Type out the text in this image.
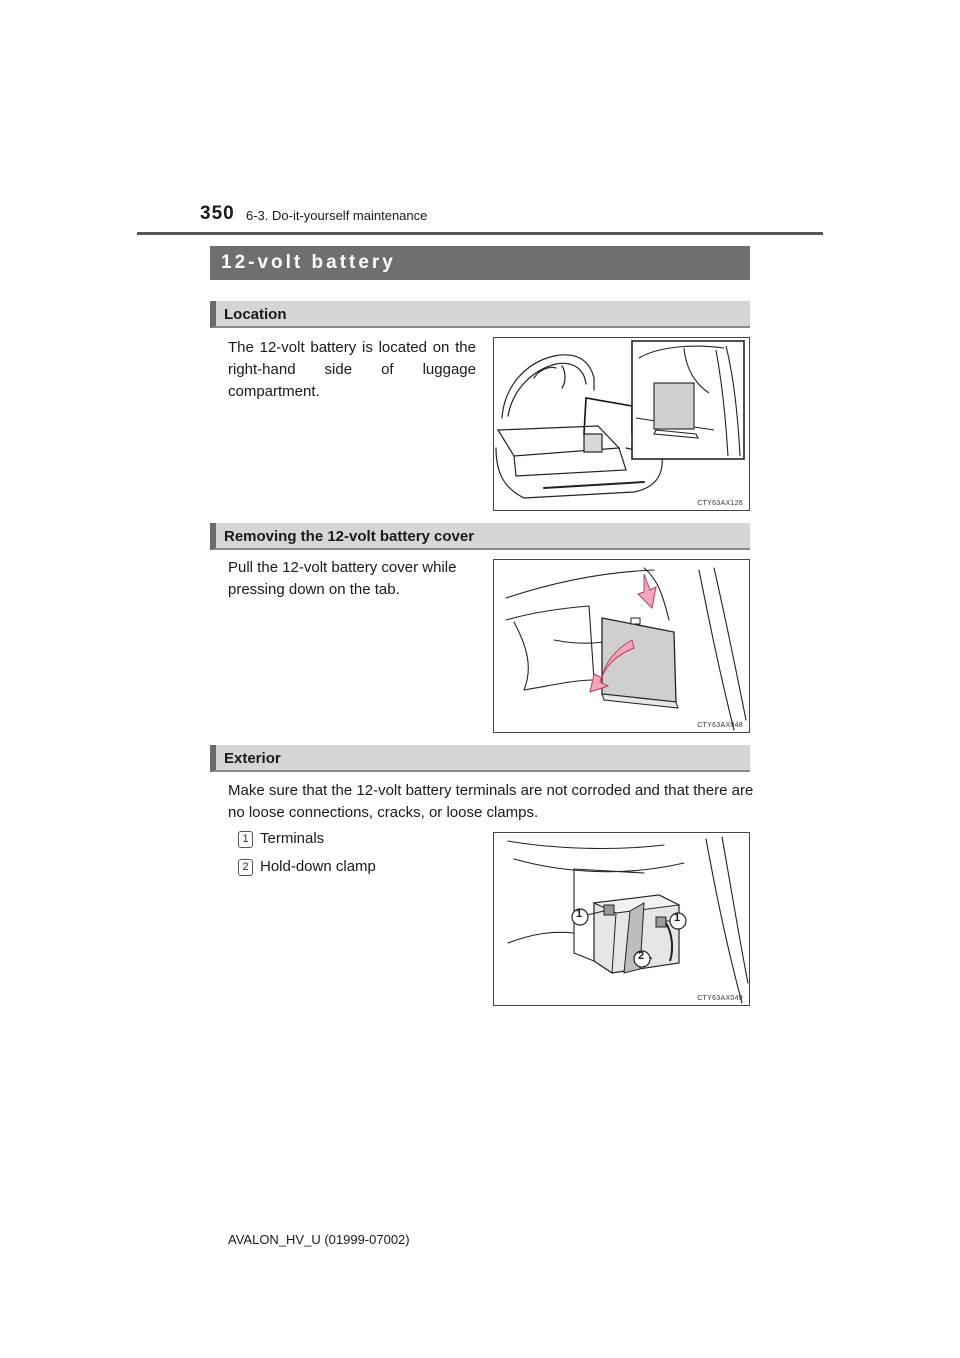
350 6-3. Do-it-yourself maintenance
12-volt battery
Location
The 12-volt battery is located on the right-hand side of luggage compartment.
CTY63AX126
Removing the 12-volt battery cover
Pull the 12-volt battery cover while pressing down on the tab.
CTY63AX048
Exterior
Make sure that the 12-volt battery terminals are not corroded and that there are no loose connections, cracks, or loose clamps.
1 Terminals
2 Hold-down clamp
1	1
2
CTY63AX049
AVALON_HV_U (01999-07002)
